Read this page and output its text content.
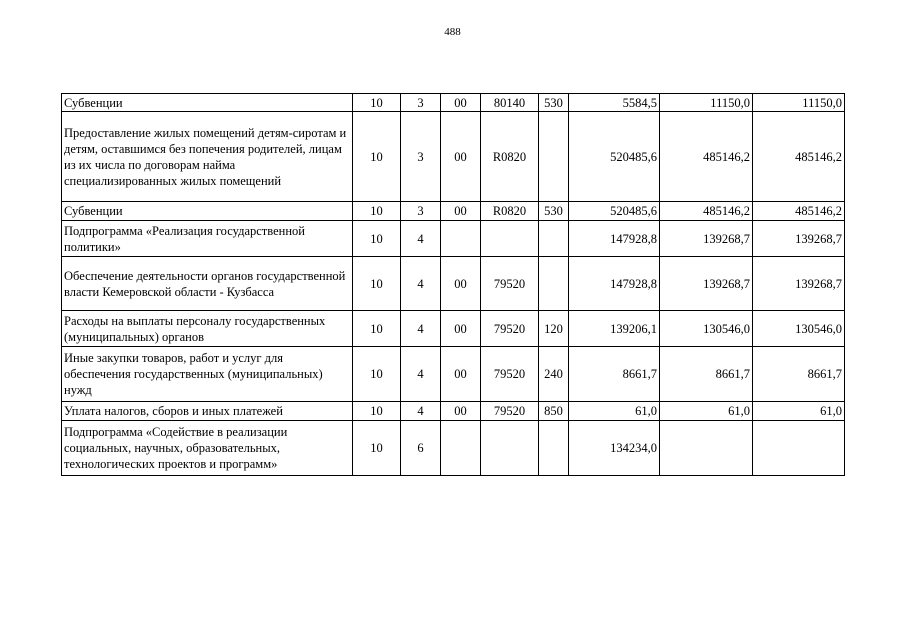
488
Субвенции	10	3	00	80140	530	5584,5	11150,0	11150,0
Предоставление жилых помещений детям-сиротам и детям, оставшимся без попечения родителей, лицам из их числа по договорам найма специализированных жилых помещений	10	3	00	R0820		520485,6	485146,2	485146,2
Субвенции	10	3	00	R0820	530	520485,6	485146,2	485146,2
Подпрограмма «Реализация государственной политики»	10	4				147928,8	139268,7	139268,7
Обеспечение деятельности органов государственной власти Кемеровской области - Кузбасса	10	4	00	79520		147928,8	139268,7	139268,7
Расходы на выплаты персоналу государственных (муниципальных) органов	10	4	00	79520	120	139206,1	130546,0	130546,0
Иные закупки товаров, работ и услуг для обеспечения государственных (муниципальных) нужд	10	4	00	79520	240	8661,7	8661,7	8661,7
Уплата налогов, сборов и иных платежей	10	4	00	79520	850	61,0	61,0	61,0
Подпрограмма «Содействие в реализации социальных, научных, образовательных, технологических проектов и программ»	10	6				134234,0		
